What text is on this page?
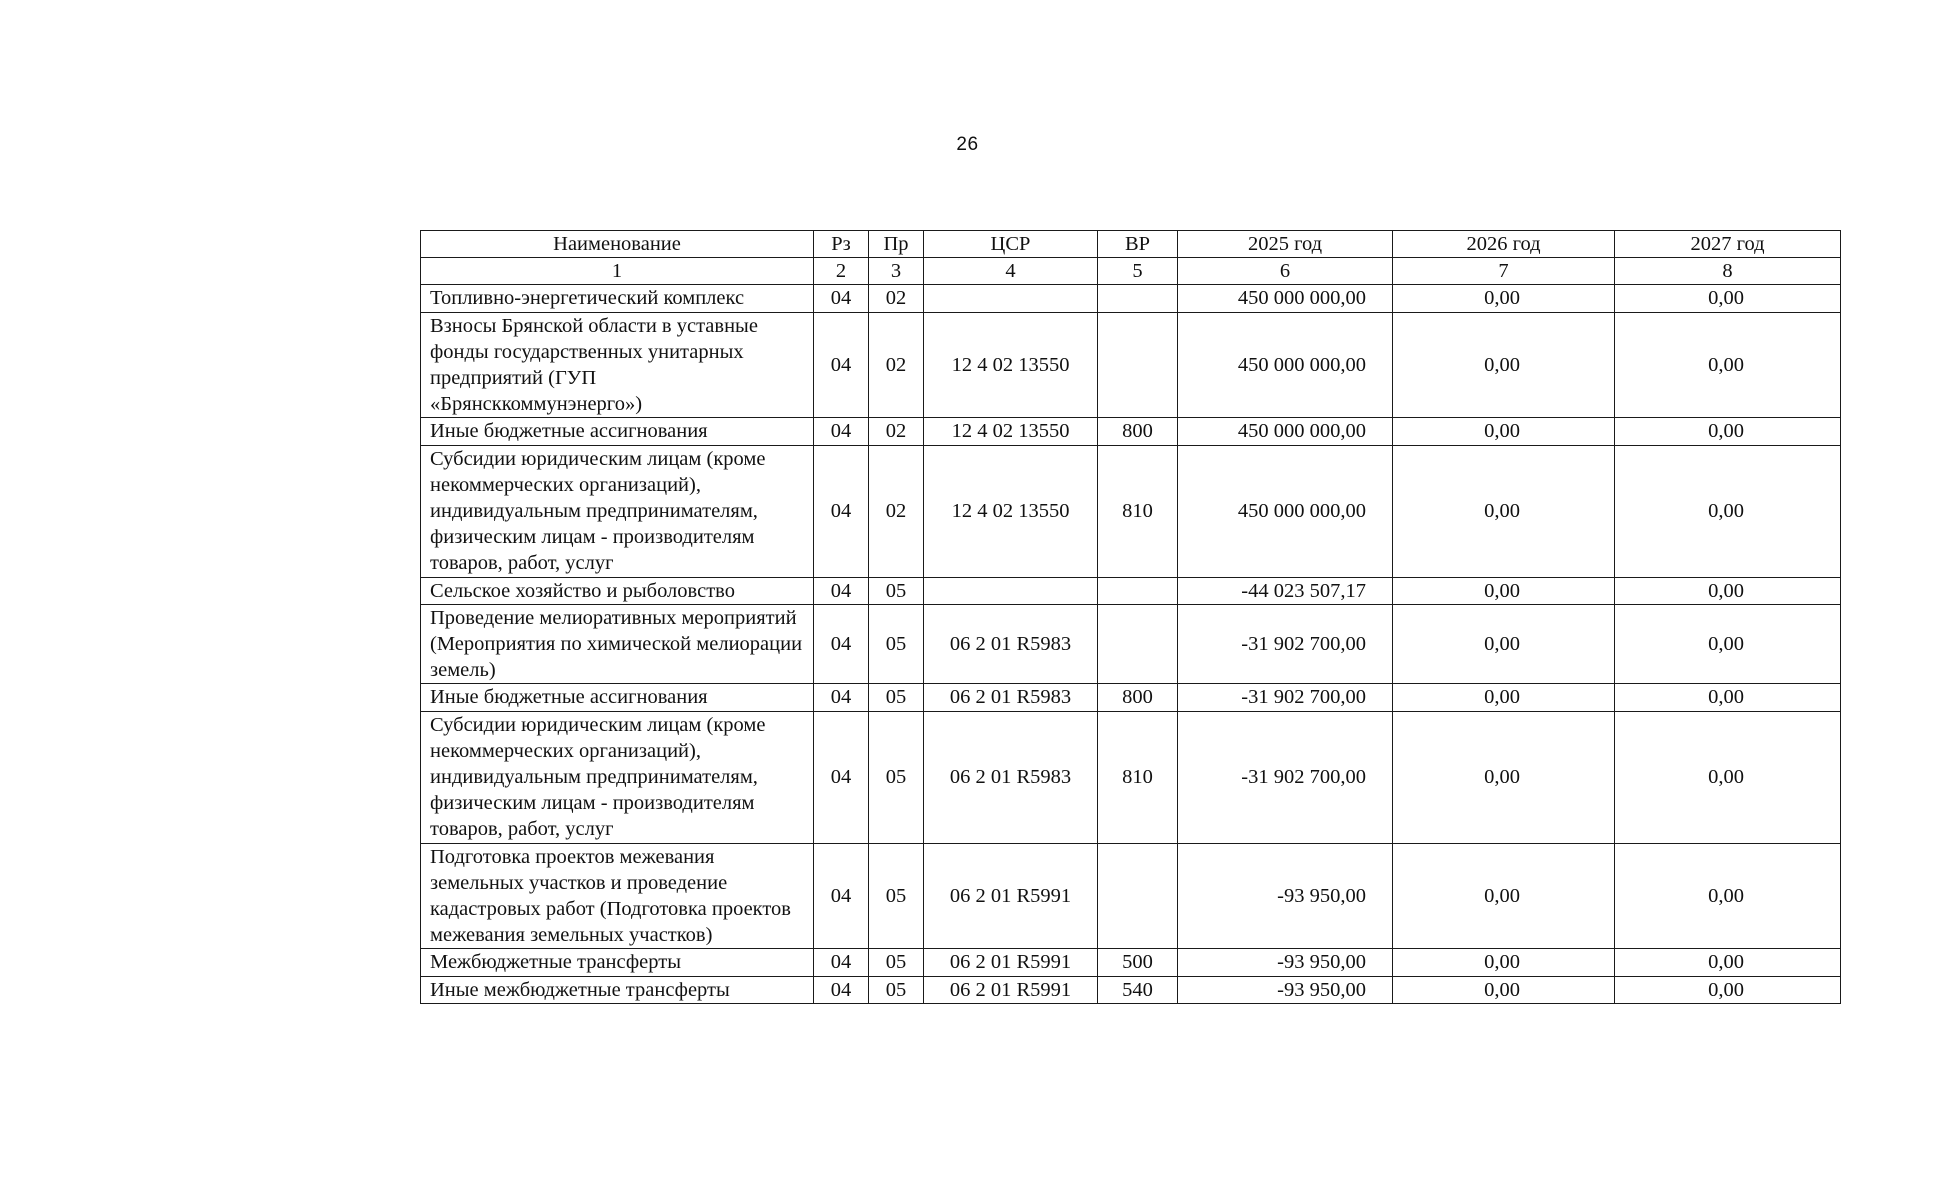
26
Наименование	Рз	Пр	ЦСР	ВР	2025 год	2026 год	2027 год
1	2	3	4	5	6	7	8
Топливно-энергетический комплекс	04	02			450 000 000,00	0,00	0,00
Взносы Брянской области в уставные фонды государственных унитарных предприятий (ГУП «Брянсккоммунэнерго»)	04	02	12 4 02 13550		450 000 000,00	0,00	0,00
Иные бюджетные ассигнования	04	02	12 4 02 13550	800	450 000 000,00	0,00	0,00
Субсидии юридическим лицам (кроме некоммерческих организаций), индивидуальным предпринимателям, физическим лицам - производителям товаров, работ, услуг	04	02	12 4 02 13550	810	450 000 000,00	0,00	0,00
Сельское хозяйство и рыболовство	04	05			-44 023 507,17	0,00	0,00
Проведение мелиоративных мероприятий (Мероприятия по химической мелиорации земель)	04	05	06 2 01 R5983		-31 902 700,00	0,00	0,00
Иные бюджетные ассигнования	04	05	06 2 01 R5983	800	-31 902 700,00	0,00	0,00
Субсидии юридическим лицам (кроме некоммерческих организаций), индивидуальным предпринимателям, физическим лицам - производителям товаров, работ, услуг	04	05	06 2 01 R5983	810	-31 902 700,00	0,00	0,00
Подготовка проектов межевания земельных участков и проведение кадастровых работ (Подготовка проектов межевания земельных участков)	04	05	06 2 01 R5991		-93 950,00	0,00	0,00
Межбюджетные трансферты	04	05	06 2 01 R5991	500	-93 950,00	0,00	0,00
Иные межбюджетные трансферты	04	05	06 2 01 R5991	540	-93 950,00	0,00	0,00
